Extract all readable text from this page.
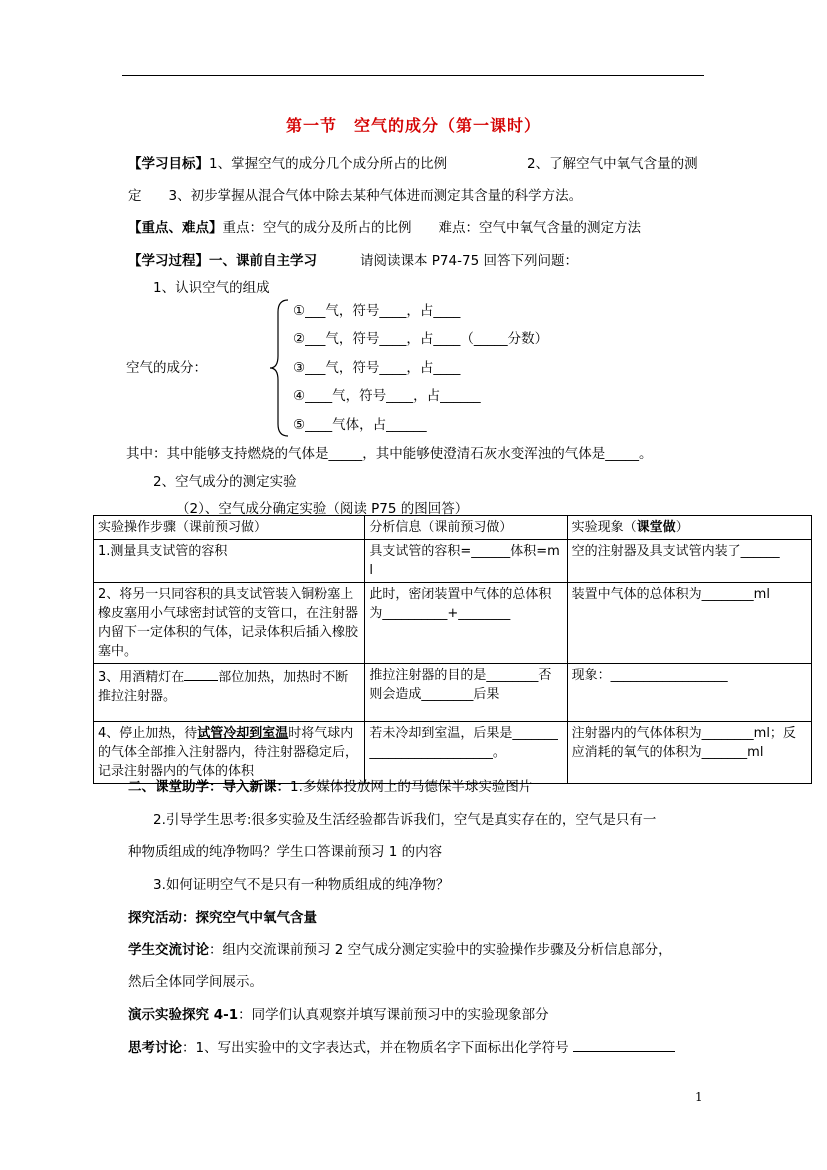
第一节　空气的成分（第一课时）
【学习目标】1、掌握空气的成分几个成分所占的比例	2、了解空气中氧气含量的测
定　　3、初步掌握从混合气体中除去某种气体进而测定其含量的科学方法。
【重点、难点】重点：空气的成分及所占的比例　　难点：空气中氧气含量的测定方法
【学习过程】一、课前自主学习	请阅读课本 P74-75 回答下列问题：
1、认识空气的组成
空气的成分：
①___气，符号____，占____
②___气，符号____，占____（_____分数）
③___气，符号____，占____
④____气，符号____，占______
⑤____气体，占______
其中：其中能够支持燃烧的气体是_____，其中能够使澄清石灰水变浑浊的气体是_____。
2、空气成分的测定实验
（2）、空气成分确定实验（阅读 P75 的图回答）
实验操作步骤（课前预习做）	分析信息（课前预习做）	实验现象（课堂做）
1.测量具支试管的容积	具支试管的容积=______体积=ml	空的注射器及具支试管内装了______
2、将另一只同容积的具支试管装入铜粉塞上橡皮塞用小气球密封试管的支管口，在注射器内留下一定体积的气体，记录体积后插入橡胶塞中。	此时，密闭装置中气体的总体积为__________+________	装置中气体的总体积为________ml
3、用酒精灯在 部位加热，加热时不断推拉注射器。	推拉注射器的目的是________否则会造成________后果	现象：__________________
4、停止加热，待试管冷却到室温时将气球内的气体全部推入注射器内，待注射器稳定后，记录注射器内的气体的体积	若未冷却到室温，后果是__________________________。	注射器内的气体体积为________ml；反应消耗的氧气的体积为_______ml
二、课堂助学：导入新课：1.多媒体投放网上的马德保半球实验图片
2.引导学生思考:很多实验及生活经验都告诉我们，空气是真实存在的，空气是只有一
种物质组成的纯净物吗？学生口答课前预习 1 的内容
3.如何证明空气不是只有一种物质组成的纯净物？
探究活动：探究空气中氧气含量
学生交流讨论：组内交流课前预习 2 空气成分测定实验中的实验操作步骤及分析信息部分，
然后全体同学间展示。
演示实验探究 4-1：同学们认真观察并填写课前预习中的实验现象部分
思考讨论：1、写出实验中的文字表达式，并在物质名字下面标出化学符号
1
